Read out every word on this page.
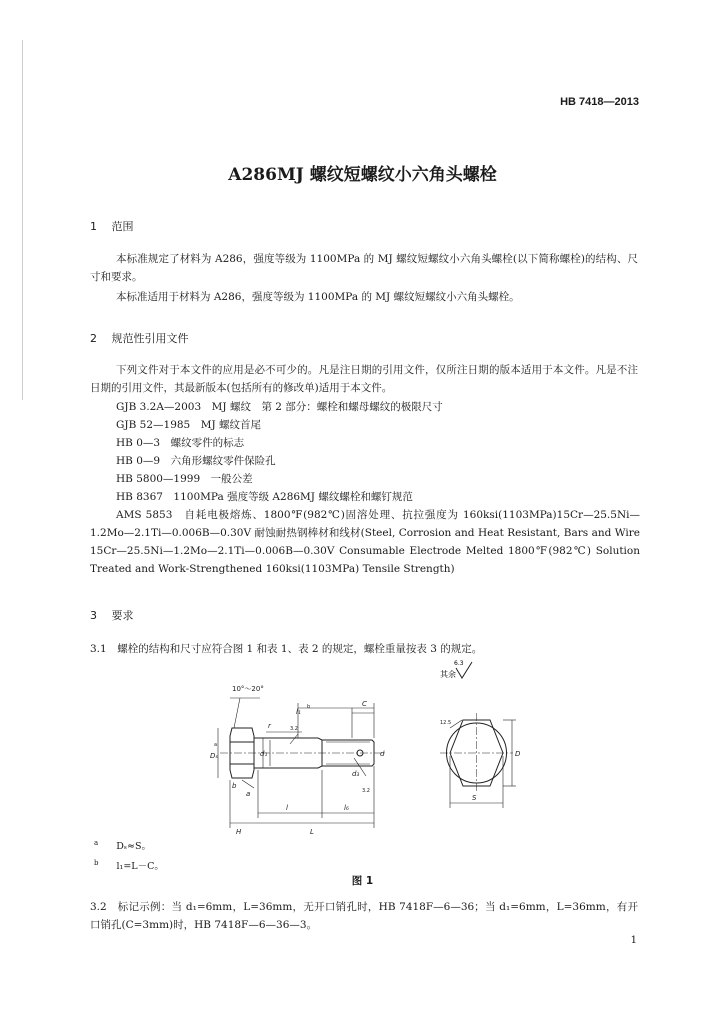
HB 7418—2013
A286MJ 螺纹短螺纹小六角头螺栓
1 范围
本标准规定了材料为 A286，强度等级为 1100MPa 的 MJ 螺纹短螺纹小六角头螺栓(以下简称螺栓)的结构、尺寸和要求。
本标准适用于材料为 A286，强度等级为 1100MPa 的 MJ 螺纹短螺纹小六角头螺栓。
2 规范性引用文件
下列文件对于本文件的应用是必不可少的。凡是注日期的引用文件，仅所注日期的版本适用于本文件。凡是不注日期的引用文件，其最新版本(包括所有的修改单)适用于本文件。
GJB 3.2A—2003　MJ 螺纹　第 2 部分：螺栓和螺母螺纹的极限尺寸
GJB 52—1985　MJ 螺纹首尾
HB 0—3　螺纹零件的标志
HB 0—9　六角形螺纹零件保险孔
HB 5800—1999　一般公差
HB 8367　1100MPa 强度等级 A286MJ 螺纹螺栓和螺钉规范
AMS 5853　自耗电极熔炼、1800℉(982℃)固溶处理、抗拉强度为 160ksi(1103MPa)15Cr—25.5Ni—1.2Mo—2.1Ti—0.006B—0.30V 耐蚀耐热钢棒材和线材(Steel, Corrosion and Heat Resistant, Bars and Wire 15Cr—25.5Ni—1.2Mo—2.1Ti—0.006B—0.30V Consumable Electrode Melted 1800℉(982℃) Solution Treated and Work-Strengthened 160ksi(1103MPa) Tensile Strength)
3 要求
3.1　螺栓的结构和尺寸应符合图 1 和表 1、表 2 的规定，螺栓重量按表 3 的规定。
其余
6.3
10°～20°
l₁
b	C
r	3.2
Dₛ
a
d₁	d
a
b
d₃
3.2
l	l₆
H	L
12.5
D
S
$^a$ Dₛ≈S。
$^b$ l₁=L－C。
图 1
3.2　标记示例：当 d₁=6mm，L=36mm，无开口销孔时，HB 7418F—6—36；当 d₁=6mm，L=36mm，有开口销孔(C=3mm)时，HB 7418F—6—36—3。
1
